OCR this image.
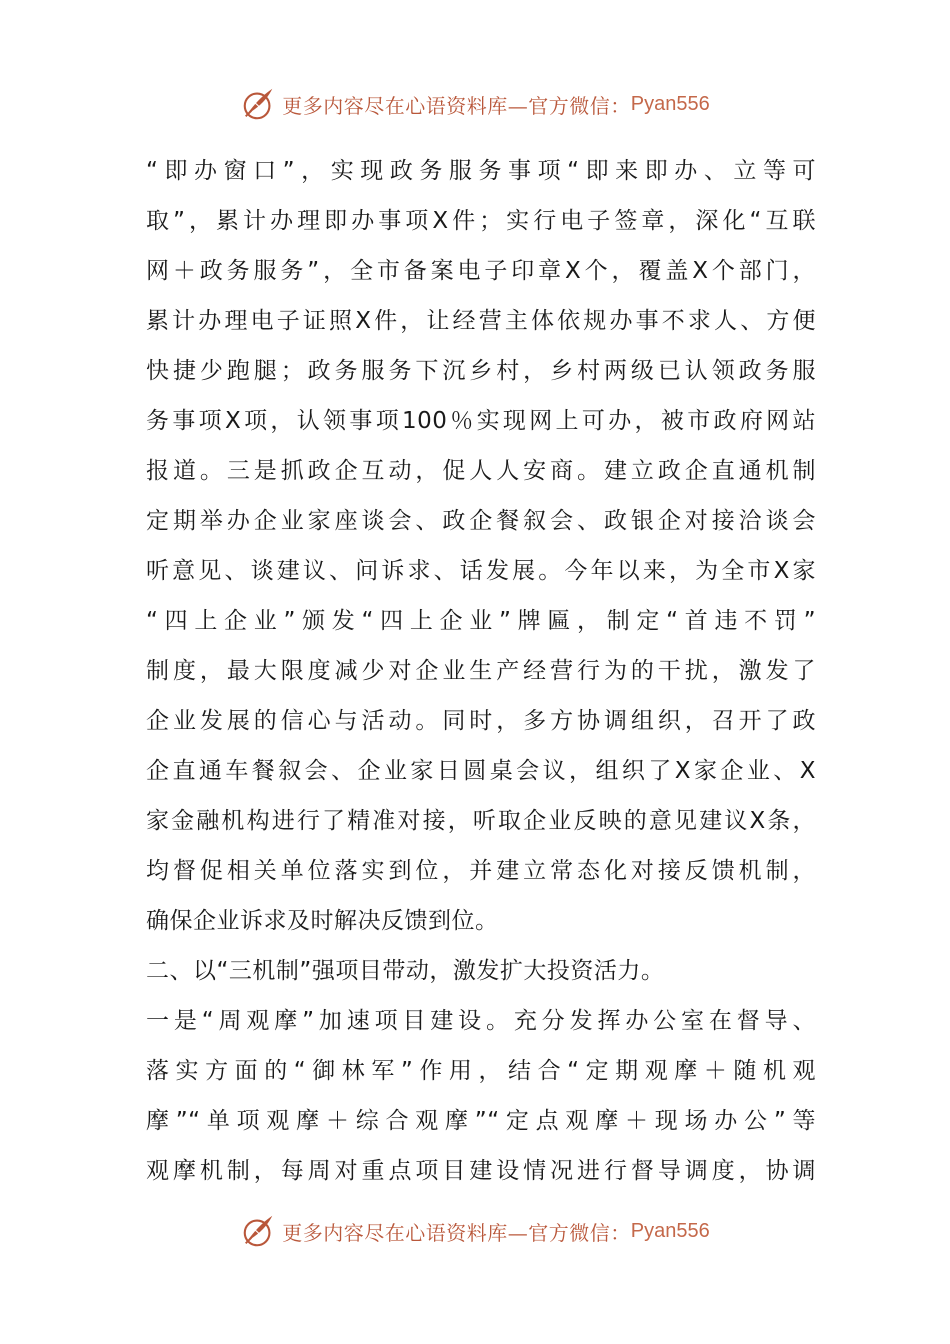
更多内容尽在心语资料库—官方微信： Pyan556
“即办窗口”，实现政务服务事项“即来即办、立等可
取”，累计办理即办事项X件；实行电子签章，深化“互联
网＋政务服务”，全市备案电子印章X个，覆盖X个部门，
累计办理电子证照X件，让经营主体依规办事不求人、方便
快捷少跑腿；政务服务下沉乡村，乡村两级已认领政务服
务事项X项，认领事项100％实现网上可办，被市政府网站
报道。三是抓政企互动，促人人安商。建立政企直通机制
定期举办企业家座谈会、政企餐叙会、政银企对接洽谈会
听意见、谈建议、问诉求、话发展。今年以来，为全市X家
“四上企业”颁发“四上企业”牌匾，制定“首违不罚”
制度，最大限度减少对企业生产经营行为的干扰，激发了
企业发展的信心与活动。同时，多方协调组织，召开了政
企直通车餐叙会、企业家日圆桌会议，组织了X家企业、X
家金融机构进行了精准对接，听取企业反映的意见建议X条，
均督促相关单位落实到位，并建立常态化对接反馈机制，
确保企业诉求及时解决反馈到位。
二、以“三机制”强项目带动，激发扩大投资活力。
一是“周观摩”加速项目建设。充分发挥办公室在督导、
落实方面的“御林军”作用，结合“定期观摩＋随机观
摩”“单项观摩＋综合观摩”“定点观摩＋现场办公”等
观摩机制，每周对重点项目建设情况进行督导调度，协调
更多内容尽在心语资料库—官方微信： Pyan556
